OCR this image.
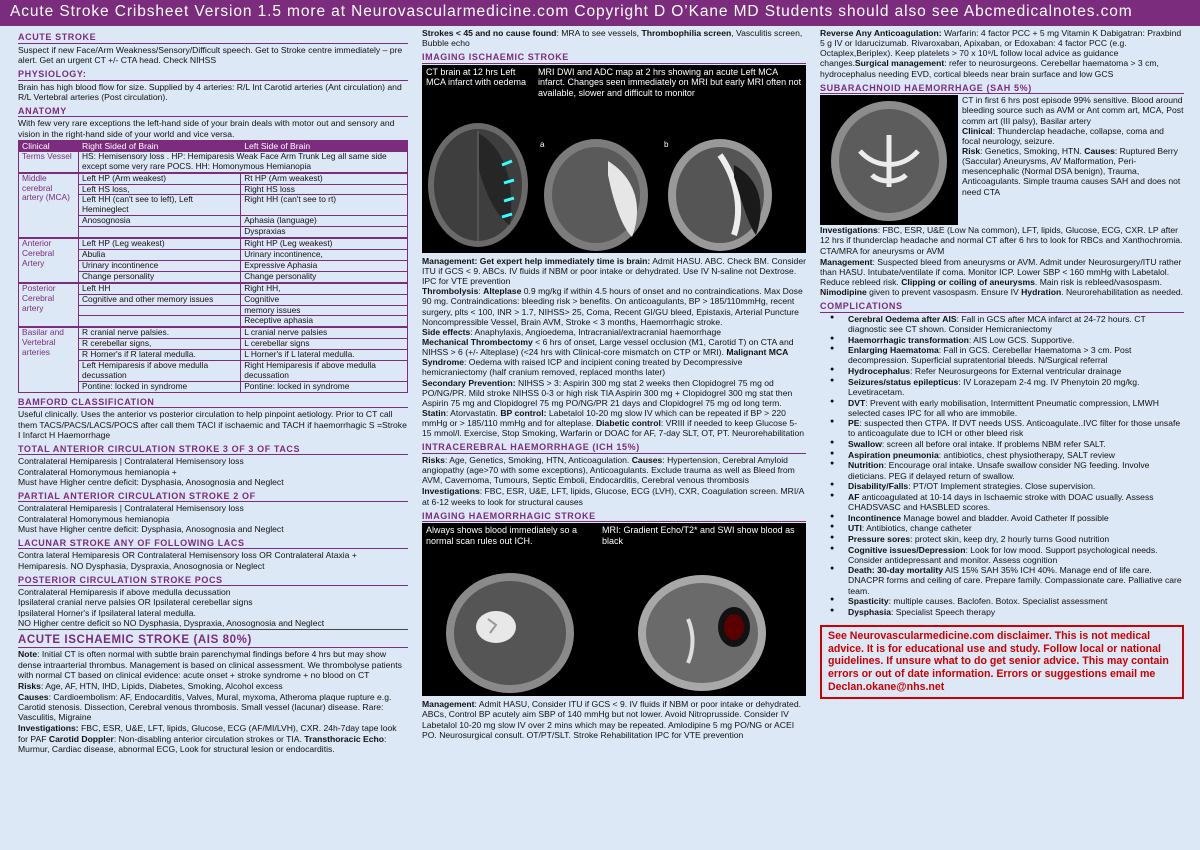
Acute Stroke Cribsheet Version 1.5 more at Neurovascularmedicine.com Copyright D O’Kane MD Students should also see Abcmedicalnotes.com
ACUTE STROKE
Suspect if new Face/Arm Weakness/Sensory/Difficult speech. Get to Stroke centre immediately – pre alert. Get an urgent CT +/- CTA head. Check NIHSS
PHYSIOLOGY:
Brain has high blood flow for size. Supplied by 4 arteries: R/L Int Carotid arteries (Ant circulation) and R/L Vertebral arteries (Post circulation).
ANATOMY
With few very rare exceptions the left-hand side of your brain deals with motor out and sensory and vision in the right-hand side of your world and vice versa.
Clinical	Right Sided of Brain	Left Side of Brain
Terms Vessel	HS: Hemisensory loss . HP: Hemiparesis Weak Face Arm Trunk Leg all same side except some very rare POCS. HH: Homonymous Hemianopia	
Middle cerebral artery (MCA)	Left HP (Arm weakest)	Rt HP (Arm weakest)
	Left HS loss,	Right HS loss
	Left HH (can't see to left), Left Hemineglect	Right HH (can't see to rt)
	Anosognosia	Aphasia (language)
		Dyspraxias
Anterior Cerebral Artery	Left HP (Leg weakest)	Right HP (Leg weakest)
	Abulia	Urinary incontinence,
	Urinary incontinence	Expressive Aphasia
	Change personality	Change personality
Posterior Cerebral artery	Left HH	Right HH,
	Cognitive and other memory issues	Cognitive
		memory issues
		Receptive aphasia
Basilar and Vertebral arteries	R cranial nerve palsies.	L cranial nerve palsies
	R cerebellar signs,	L cerebellar signs
	R Horner's if R lateral medulla.	L Horner's if L lateral medulla.
	Left Hemiparesis if above medulla decussation	Right Hemiparesis if above medulla decussation
	Pontine: locked in syndrome	Pontine: locked in syndrome
BAMFORD CLASSIFICATION
Useful clinically. Uses the anterior vs posterior circulation to help pinpoint aetiology. Prior to CT call them TACS/PACS/LACS/POCS after call them TACI if ischaemic and TACH if haemorrhagic S =Stroke I Infarct H Haemorrhage
TOTAL ANTERIOR CIRCULATION STROKE 3 OF 3 OF TACS
Contralateral Hemiparesis | Contralateral Hemisensory loss
Contralateral Homonymous hemianopia +
Must have Higher centre deficit: Dysphasia, Anosognosia and Neglect
PARTIAL ANTERIOR CIRCULATION STROKE 2 OF
Contralateral Hemiparesis | Contralateral Hemisensory loss
Contralateral Homonymous hemianopia
Must have Higher centre deficit: Dysphasia, Anosognosia and Neglect
LACUNAR STROKE ANY OF FOLLOWING LACS
Contra lateral Hemiparesis OR Contralateral Hemisensory loss OR Contralateral Ataxia + Hemiparesis. NO Dysphasia, Dyspraxia, Anosognosia or Neglect
POSTERIOR CIRCULATION STROKE POCS
Contralateral Hemiparesis if above medulla decussation
Ipsilateral cranial nerve palsies OR Ipsilateral cerebellar signs
Ipsilateral Horner's if Ipsilateral lateral medulla.
NO Higher centre deficit so NO Dysphasia, Dyspraxia, Anosognosia and Neglect
ACUTE ISCHAEMIC STROKE (AIS 80%)
Note: Initial CT is often normal with subtle brain parenchymal findings before 4 hrs but may show dense intraarterial thrombus. Management is based on clinical assessment. We thrombolyse patients with normal CT based on clinical evidence: acute onset + stroke syndrome + no blood on CT
Risks: Age, AF, HTN, IHD, Lipids, Diabetes, Smoking, Alcohol excess
Causes: Cardioembolism: AF, Endocarditis, Valves, Mural, myxoma, Atheroma plaque rupture e.g. Carotid stenosis. Dissection, Cerebral venous thrombosis. Small vessel (lacunar) disease. Rare: Vasculitis, Migraine
Investigations: FBC, ESR, U&E, LFT, lipids, Glucose, ECG (AF/MI/LVH), CXR. 24h-7day tape look for PAF Carotid Doppler: Non-disabling anterior circulation strokes or TIA. Transthoracic Echo: Murmur, Cardiac disease, abnormal ECG, Look for structural lesion or endocarditis.
Strokes < 45 and no cause found: MRA to see vessels, Thrombophilia screen, Vasculitis screen, Bubble echo
IMAGING ISCHAEMIC STROKE
CT brain at 12 hrs Left MCA infarct with oedema
MRI DWI and ADC map at 2 hrs showing an acute Left MCA infarct. Changes seen immediately on MRI but early MRI often not available, slower and difficult to monitor
a	b
Management: Get expert help immediately time is brain: Admit HASU. ABC. Check BM. Consider ITU if GCS < 9. ABCs. IV fluids if NBM or poor intake or dehydrated. Use IV N-saline not Dextrose. IPC for VTE prevention
Thrombolysis: Alteplase 0.9 mg/kg if within 4.5 hours of onset and no contraindications. Max Dose 90 mg. Contraindications: bleeding risk > benefits. On anticoagulants, BP > 185/110mmHg, recent surgery, plts < 100, INR > 1.7, NIHSS> 25, Coma, Recent GI/GU bleed, Epistaxis, Arterial Puncture Noncompressible Vessel, Brain AVM, Stroke < 3 months, Haemorrhagic stroke.
Side effects: Anaphylaxis, Angioedema, Intracranial/extracranial haemorrhage
Mechanical Thrombectomy < 6 hrs of onset, Large vessel occlusion (M1, Carotid T) on CTA and NIHSS > 6 (+/- Alteplase) (<24 hrs with Clinical-core mismatch on CTP or MRI). Malignant MCA Syndrome: Oedema with raised ICP and incipient coning treated by Decompressive hemicraniectomy (half cranium removed, replaced months later)
Secondary Prevention: NIHSS > 3: Aspirin 300 mg stat 2 weeks then Clopidogrel 75 mg od PO/NG/PR. Mild stroke NIHSS 0-3 or high risk TIA Aspirin 300 mg + Clopidogrel 300 mg stat then Aspirin 75 mg and Clopidogrel 75 mg PO/NG/PR 21 days and Clopidogrel 75 mg od long term. Statin: Atorvastatin. BP control: Labetalol 10-20 mg slow IV which can be repeated if BP > 220 mmHg or > 185/110 mmHg and for alteplase. Diabetic control: VRIII if needed to keep Glucose 5-15 mmol/l. Exercise, Stop Smoking, Warfarin or DOAC for AF, 7-day SLT, OT, PT. Neurorehabilitation
INTRACEREBRAL HAEMORRHAGE (ICH 15%)
Risks: Age, Genetics, Smoking, HTN, Anticoagulation. Causes: Hypertension, Cerebral Amyloid angiopathy (age>70 with some exceptions), Anticoagulants. Exclude trauma as well as Bleed from AVM, Cavernoma, Tumours, Septic Emboli, Endocarditis, Cerebral venous thrombosis
Investigations: FBC, ESR, U&E, LFT, lipids, Glucose, ECG (LVH), CXR, Coagulation screen. MRI/A at 6-12 weeks to look for structural causes
IMAGING HAEMORRHAGIC STROKE
Always shows blood immediately so a normal scan rules out ICH.
MRI: Gradient Echo/T2* and SWI show blood as black
Management: Admit HASU, Consider ITU if GCS < 9. IV fluids if NBM or poor intake or dehydrated. ABCs, Control BP acutely aim SBP of 140 mmHg but not lower. Avoid Nitroprusside. Consider IV Labetalol 10-20 mg slow IV over 2 mins which may be repeated. Amlodipine 5 mg PO/NG or ACEI PO. Neurosurgical consult. OT/PT/SLT. Stroke Rehabilitation IPC for VTE prevention
Reverse Any Anticoagulation: Warfarin: 4 factor PCC + 5 mg Vitamin K Dabigatran: Praxbind 5 g IV or Idarucizumab. Rivaroxaban, Apixaban, or Edoxaban: 4 factor PCC (e.g. Octaplex,Beriplex). Keep platelets > 70 x 10⁹/L follow local advice as guidance changes.Surgical management: refer to neurosurgeons. Cerebellar haematoma > 3 cm, hydrocephalus needing EVD, cortical bleeds near brain surface and low GCS
SUBARACHNOID HAEMORRHAGE (SAH 5%)
CT in first 6 hrs post episode 99% sensitive. Blood around bleeding source such as AVM or Ant comm art, MCA, Post comm art (III palsy), Basilar artery
Clinical: Thunderclap headache, collapse, coma and focal neurology, seizure.
Risk: Genetics, Smoking, HTN. Causes: Ruptured Berry (Saccular) Aneurysms, AV Malformation, Peri-mesencephalic (Normal DSA benign), Trauma, Anticoagulants. Simple trauma causes SAH and does not need CTA
Investigations: FBC, ESR, U&E (Low Na common), LFT, lipids, Glucose, ECG, CXR. LP after 12 hrs if thunderclap headache and normal CT after 6 hrs to look for RBCs and Xanthochromia. CTA/MRA for aneurysms or AVM
Management: Suspected bleed from aneurysms or AVM. Admit under Neurosurgery/ITU rather than HASU. Intubate/ventilate if coma. Monitor ICP. Lower SBP < 160 mmHg with Labetalol. Reduce rebleed risk. Clipping or coiling of aneurysms. Main risk is rebleed/vasospasm. Nimodipine given to prevent vasospasm. Ensure IV Hydration. Neurorehabilitation as needed.
COMPLICATIONS
● Cerebral Oedema after AIS: Fall in GCS after MCA infarct at 24-72 hours. CT diagnostic see CT shown. Consider Hemicraniectomy
● Haemorrhagic transformation: AIS Low GCS. Supportive.
● Enlarging Haematoma: Fall in GCS. Cerebellar Haematoma > 3 cm. Post decompression. Superficial supratentorial bleeds. N/Surgical referral
● Hydrocephalus: Refer Neurosurgeons for External ventricular drainage
● Seizures/status epilepticus: IV Lorazepam 2-4 mg. IV Phenytoin 20 mg/kg. Levetiracetam.
● DVT: Prevent with early mobilisation, Intermittent Pneumatic compression, LMWH selected cases IPC for all who are immobile.
● PE: suspected then CTPA. If DVT needs USS. Anticoagulate..IVC filter for those unsafe to anticoagulate due to ICH or other bleed risk
● Swallow: screen all before oral intake. If problems NBM refer SALT.
● Aspiration pneumonia: antibiotics, chest physiotherapy, SALT review
● Nutrition: Encourage oral intake. Unsafe swallow consider NG feeding. Involve dieticians. PEG if delayed return of swallow.
● Disability/Falls: PT/OT Implement strategies. Close supervision.
● AF anticoagulated at 10-14 days in Ischaemic stroke with DOAC usually. Assess CHADSVASC and HASBLED scores.
● Incontinence Manage bowel and bladder. Avoid Catheter If possible
● UTI: Antibiotics, change catheter
● Pressure sores: protect skin, keep dry, 2 hourly turns Good nutrition
● Cognitive issues/Depression: Look for low mood. Support psychological needs. Consider antidepressant and monitor. Assess cognition
● Death: 30-day mortality AIS 15% SAH 35% ICH 40%. Manage end of life care. DNACPR forms and ceiling of care. Prepare family. Compassionate care. Palliative care team.
● Spasticity: multiple causes. Baclofen. Botox. Specialist assessment
● Dysphasia: Specialist Speech therapy
See Neurovascularmedicine.com disclaimer. This is not medical advice. It is for educational use and study. Follow local or national guidelines. If unsure what to do get senior advice. This may contain errors or out of date information. Errors or suggestions email me Declan.okane@nhs.net
